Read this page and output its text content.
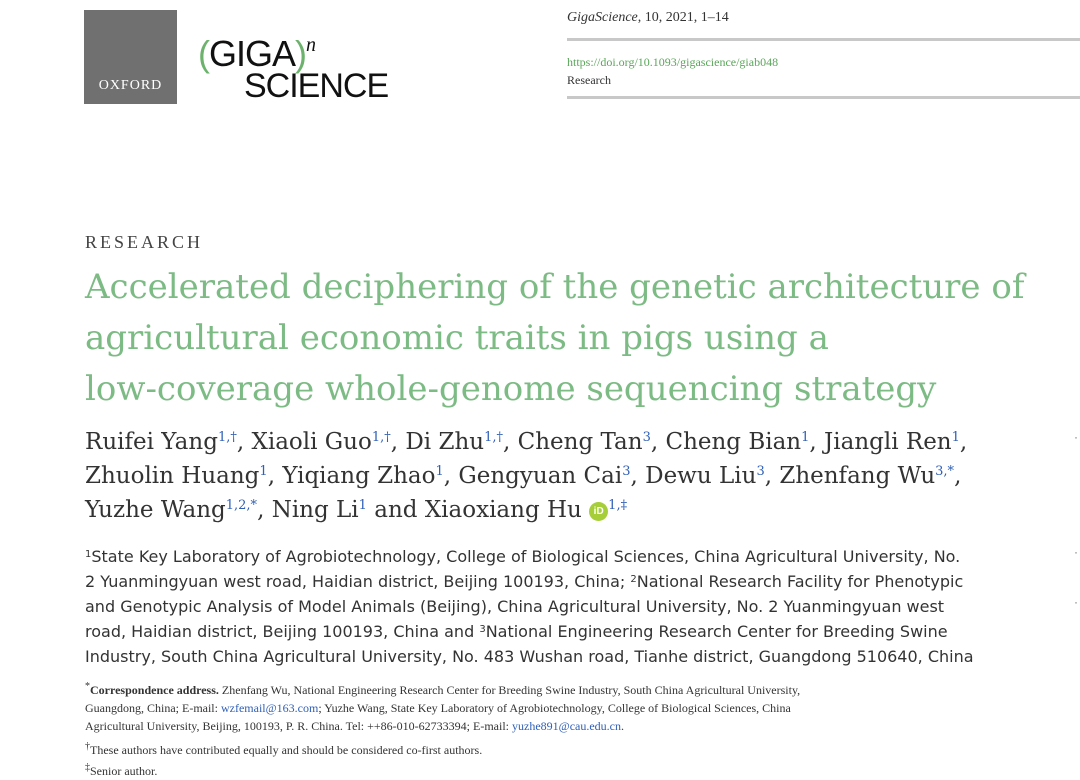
OXFORD
(GIGA) n
SCIENCE
GigaScience, 10, 2021, 1–14
https://doi.org/10.1093/gigascience/giab048
Research
RESEARCH
Accelerated deciphering of the genetic architecture of
agricultural economic traits in pigs using a
low-coverage whole-genome sequencing strategy
Ruifei Yang$^{1,\dagger}$, Xiaoli Guo$^{1,\dagger}$, Di Zhu$^{1,\dagger}$, Cheng Tan$^3$, Cheng Bian$^1$, Jiangli Ren$^1$,
Zhuolin Huang$^1$, Yiqiang Zhao$^1$, Gengyuan Cai$^3$, Dewu Liu$^3$, Zhenfang Wu$^{3,*}$,
Yuzhe Wang$^{1,2,*}$, Ning Li$^1$ and Xiaoxiang Hu iD $^{1,\ddagger}$
$^1$State Key Laboratory of Agrobiotechnology, College of Biological Sciences, China Agricultural University, No.
2 Yuanmingyuan west road, Haidian district, Beijing 100193, China; $^2$National Research Facility for Phenotypic
and Genotypic Analysis of Model Animals (Beijing), China Agricultural University, No. 2 Yuanmingyuan west
road, Haidian district, Beijing 100193, China and $^3$National Engineering Research Center for Breeding Swine
Industry, South China Agricultural University, No. 483 Wushan road, Tianhe district, Guangdong 510640, China
*Correspondence address. Zhenfang Wu, National Engineering Research Center for Breeding Swine Industry, South China Agricultural University,
Guangdong, China; E-mail: wzfemail@163.com; Yuzhe Wang, State Key Laboratory of Agrobiotechnology, College of Biological Sciences, China
Agricultural University, Beijing, 100193, P. R. China. Tel: ++86-010-62733394; E-mail: yuzhe891@cau.edu.cn.
†These authors have contributed equally and should be considered co-first authors.
‡Senior author.
·
·
·
